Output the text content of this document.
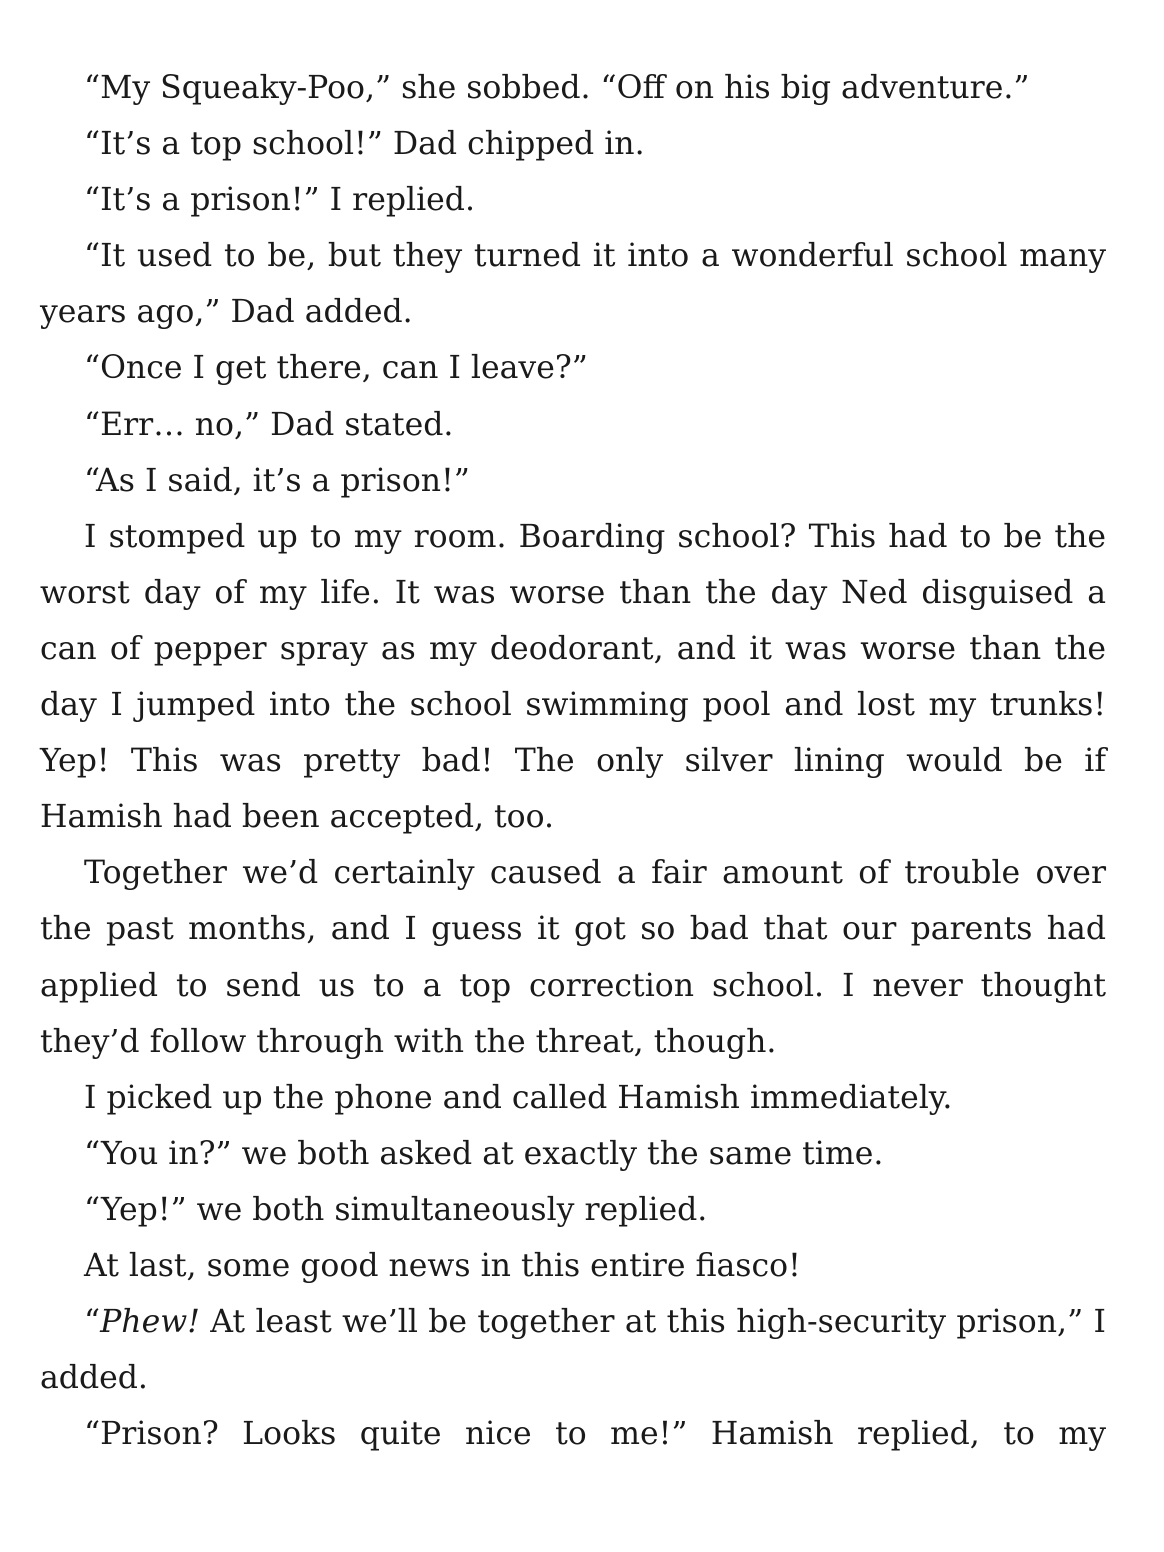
“My Squeaky-Poo,” she sobbed. “Off on his big adventure.”

“It’s a top school!” Dad chipped in.

“It’s a prison!” I replied.

“It used to be, but they turned it into a wonderful school many years ago,” Dad added.

“Once I get there, can I leave?”

“Err… no,” Dad stated.

“As I said, it’s a prison!”

I stomped up to my room. Boarding school? This had to be the worst day of my life. It was worse than the day Ned disguised a can of pepper spray as my deodorant, and it was worse than the day I jumped into the school swimming pool and lost my trunks! Yep! This was pretty bad! The only silver lining would be if Hamish had been accepted, too.

Together we’d certainly caused a fair amount of trouble over the past months, and I guess it got so bad that our parents had applied to send us to a top correction school. I never thought they’d follow through with the threat, though.

I picked up the phone and called Hamish immediately.

“You in?” we both asked at exactly the same time.

“Yep!” we both simultaneously replied.

At last, some good news in this entire fiasco!

“Phew! At least we’ll be together at this high-security prison,” I added.

“Prison? Looks quite nice to me!” Hamish replied, to my
